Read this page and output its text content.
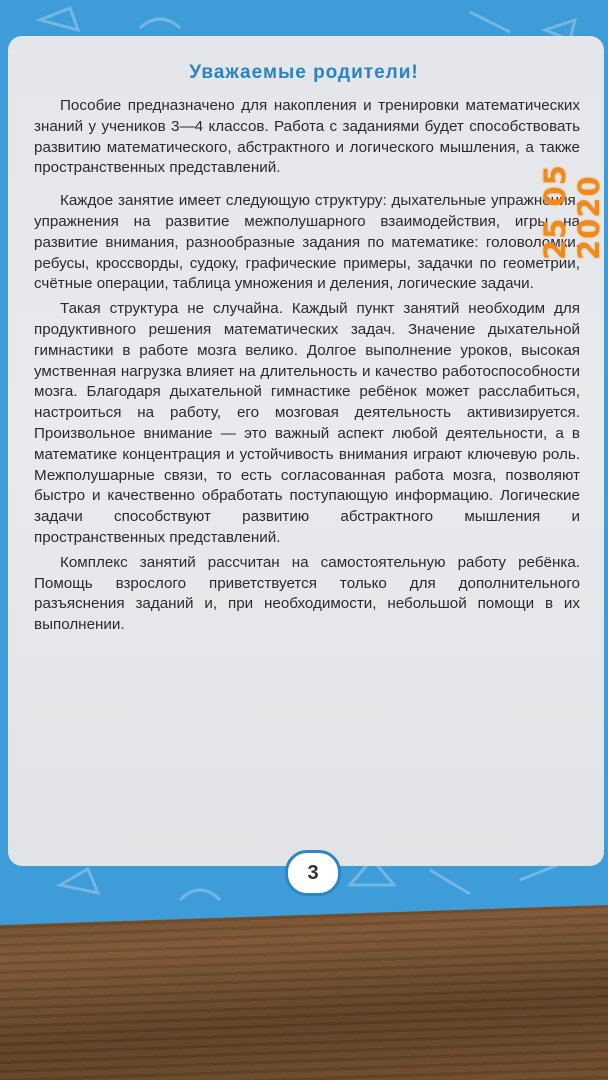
Уважаемые родители!

Пособие предназначено для накопления и тренировки математических знаний у учеников 3—4 классов. Работа с заданиями будет способствовать развитию математического, абстрактного и логического мышления, а также пространственных представлений.

Каждое занятие имеет следующую структуру: дыхательные упражнения, упражнения на развитие межполушарного взаимодействия, игры на развитие внимания, разнообразные задания по математике: головоломки, ребусы, кроссворды, судоку, графические примеры, задачки по геометрии, счётные операции, таблица умножения и деления, логические задачи.

Такая структура не случайна. Каждый пункт занятий необходим для продуктивного решения математических задач. Значение дыхательной гимнастики в работе мозга велико. Долгое выполнение уроков, высокая умственная нагрузка влияет на длительность и качество работоспособности мозга. Благодаря дыхательной гимнастике ребёнок может расслабиться, настроиться на работу, его мозговая деятельность активизируется. Произвольное внимание — это важный аспект любой деятельности, а в математике концентрация и устойчивость внимания играют ключевую роль. Межполушарные связи, то есть согласованная работа мозга, позволяют быстро и качественно обработать поступающую информацию. Логические задачи способствуют развитию абстрактного мышления и пространственных представлений.

Комплекс занятий рассчитан на самостоятельную работу ребёнка. Помощь взрослого приветствуется только для дополнительного разъяснения заданий и, при необходимости, небольшой помощи в их выполнении.

3
25 05 2020
